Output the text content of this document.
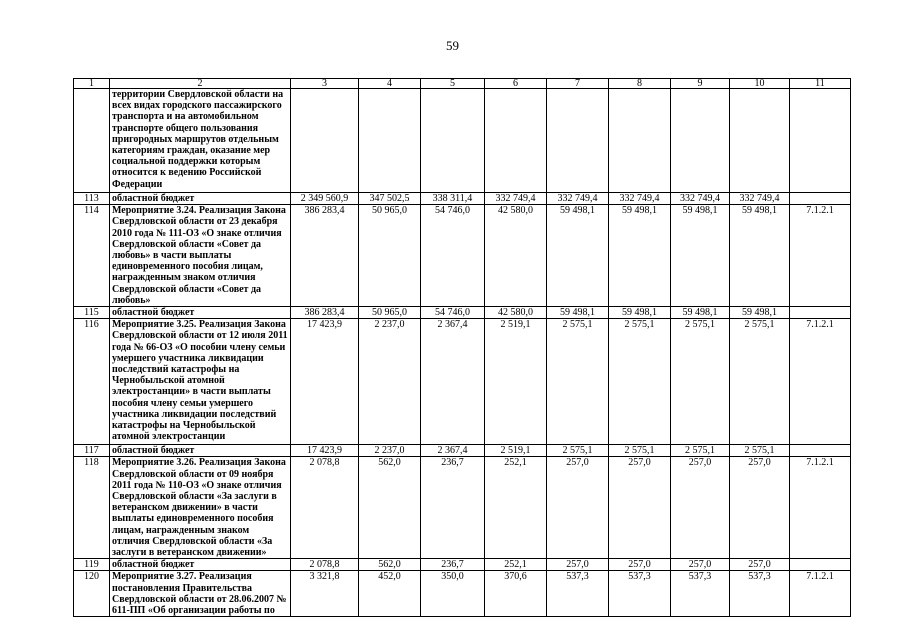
59
1	2	3	4	5	6	7	8	9	10	11
	территории Свердловской области на всех видах городского пассажирского транспорта и на автомобильном транспорте общего пользования пригородных маршрутов отдельным категориям граждан, оказание мер социальной поддержки которым относится к ведению Российской Федерации									
113	областной бюджет	2 349 560,9	347 502,5	338 311,4	332 749,4	332 749,4	332 749,4	332 749,4	332 749,4	
114	Мероприятие 3.24. Реализация Закона Свердловской области от 23 декабря 2010 года № 111-ОЗ «О знаке отличия Свердловской области «Совет да любовь» в части выплаты единовременного пособия лицам, награжденным знаком отличия Свердловской области «Совет да любовь»	386 283,4	50 965,0	54 746,0	42 580,0	59 498,1	59 498,1	59 498,1	59 498,1	7.1.2.1
115	областной бюджет	386 283,4	50 965,0	54 746,0	42 580,0	59 498,1	59 498,1	59 498,1	59 498,1	
116	Мероприятие 3.25. Реализация Закона Свердловской области от 12 июля 2011 года № 66-ОЗ «О пособии члену семьи умершего участника ликвидации последствий катастрофы на Чернобыльской атомной электростанции» в части выплаты пособия члену семьи умершего участника ликвидации последствий катастрофы на Чернобыльской атомной электростанции	17 423,9	2 237,0	2 367,4	2 519,1	2 575,1	2 575,1	2 575,1	2 575,1	7.1.2.1
117	областной бюджет	17 423,9	2 237,0	2 367,4	2 519,1	2 575,1	2 575,1	2 575,1	2 575,1	
118	Мероприятие 3.26. Реализация Закона Свердловской области от 09 ноября 2011 года № 110-ОЗ «О знаке отличия Свердловской области «За заслуги в ветеранском движении» в части выплаты единовременного пособия лицам, награжденным знаком отличия Свердловской области «За заслуги в ветеранском движении»	2 078,8	562,0	236,7	252,1	257,0	257,0	257,0	257,0	7.1.2.1
119	областной бюджет	2 078,8	562,0	236,7	252,1	257,0	257,0	257,0	257,0	
120	Мероприятие 3.27. Реализация постановления Правительства Свердловской области от 28.06.2007 № 611-ПП «Об организации работы по	3 321,8	452,0	350,0	370,6	537,3	537,3	537,3	537,3	7.1.2.1
